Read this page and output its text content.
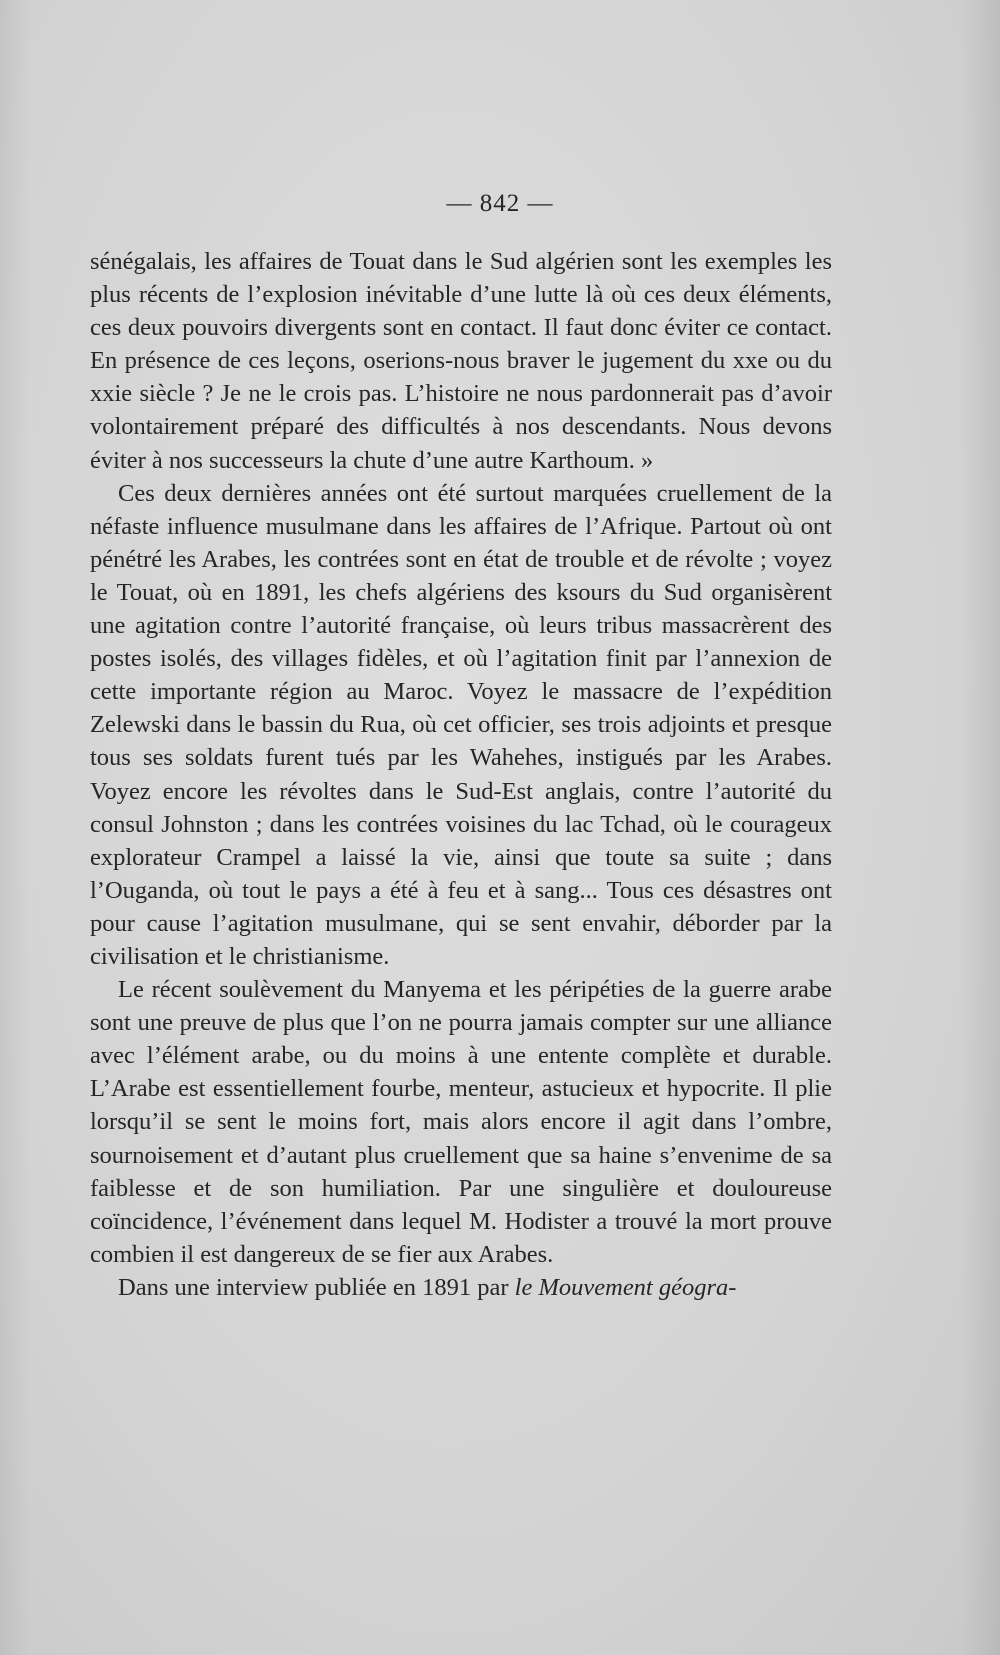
— 842 —

sénégalais, les affaires de Touat dans le Sud algérien sont les exemples les plus récents de l’explosion inévitable d’une lutte là où ces deux éléments, ces deux pouvoirs divergents sont en contact. Il faut donc éviter ce contact. En présence de ces leçons, oserions-nous braver le jugement du xxe ou du xxie siècle ? Je ne le crois pas. L’histoire ne nous pardonnerait pas d’avoir volontairement préparé des difficultés à nos descendants. Nous devons éviter à nos successeurs la chute d’une autre Karthoum. »

Ces deux dernières années ont été surtout marquées cruellement de la néfaste influence musulmane dans les affaires de l’Afrique. Partout où ont pénétré les Arabes, les contrées sont en état de trouble et de révolte ; voyez le Touat, où en 1891, les chefs algériens des ksours du Sud organisèrent une agitation contre l’autorité française, où leurs tribus massacrèrent des postes isolés, des villages fidèles, et où l’agitation finit par l’annexion de cette importante région au Maroc. Voyez le massacre de l’expédition Zelewski dans le bassin du Rua, où cet officier, ses trois adjoints et presque tous ses soldats furent tués par les Wahehes, instigués par les Arabes. Voyez encore les révoltes dans le Sud-Est anglais, contre l’autorité du consul Johnston ; dans les contrées voisines du lac Tchad, où le courageux explorateur Crampel a laissé la vie, ainsi que toute sa suite ; dans l’Ouganda, où tout le pays a été à feu et à sang... Tous ces désastres ont pour cause l’agitation musulmane, qui se sent envahir, déborder par la civilisation et le christianisme.

Le récent soulèvement du Manyema et les péripéties de la guerre arabe sont une preuve de plus que l’on ne pourra jamais compter sur une alliance avec l’élément arabe, ou du moins à une entente complète et durable. L’Arabe est essentiellement fourbe, menteur, astucieux et hypocrite. Il plie lorsqu’il se sent le moins fort, mais alors encore il agit dans l’ombre, sournoisement et d’autant plus cruellement que sa haine s’envenime de sa faiblesse et de son humiliation. Par une singulière et douloureuse coïncidence, l’événement dans lequel M. Hodister a trouvé la mort prouve combien il est dangereux de se fier aux Arabes.

Dans une interview publiée en 1891 par le Mouvement géogra-
